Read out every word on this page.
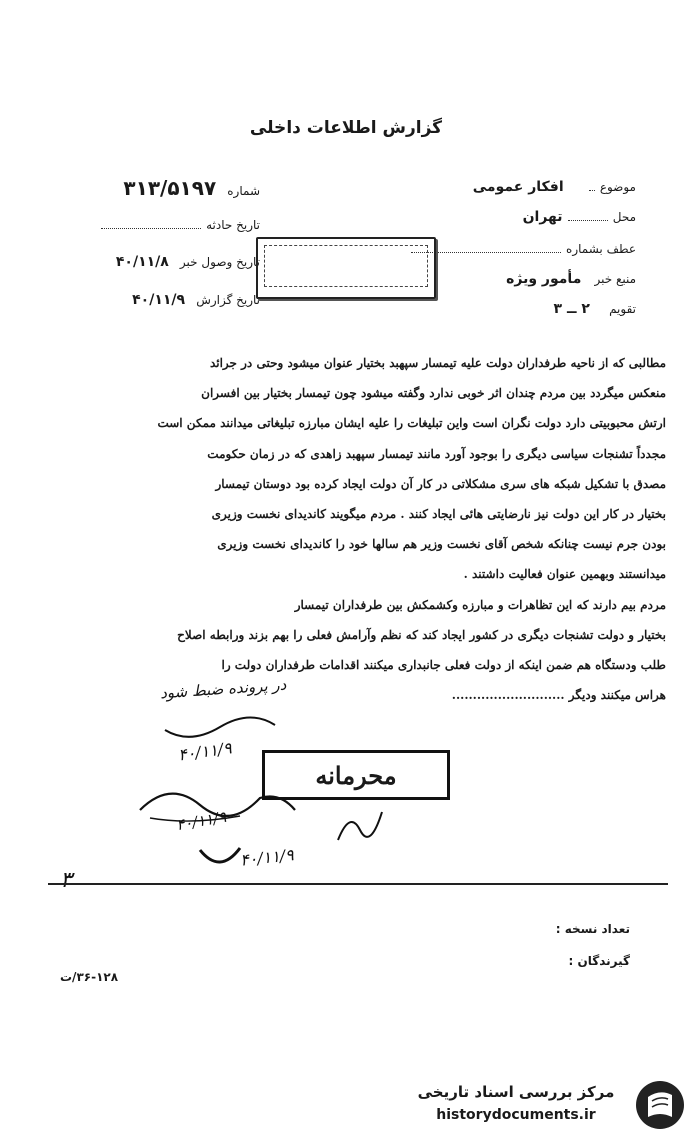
گزارش اطلاعات داخلی
موضوع  افکار عمومی
محل  تهران
عطف بشماره
منبع خبر مأمور ویژه
تقویم ۲ ــ ۳
شماره ۳۱۳/۵۱۹۷
تاریخ حادثه
تاریخ وصول خبر ۴۰/۱۱/۸
تاریخ گزارش ۴۰/۱۱/۹

مطالبی که از ناحیه طرفداران دولت علیه تیمسار سپهبد بختیار عنوان میشود وحتی در جرائد

منعکس میگردد بین مردم چندان اثر خوبی ندارد وگفته میشود چون تیمسار بختیار بین افسران

ارتش محبوبیتی دارد دولت نگران است واین تبلیغات را علیه ایشان مبارزه تبلیغاتی میدانند ممکن است

مجدداً تشنجات سیاسی دیگری را بوجود آورد مانند تیمسار سپهبد زاهدی که در زمان حکومت

مصدق با تشکیل شبکه های سری مشکلاتی در کار آن دولت ایجاد کرده بود دوستان تیمسار

بختیار در کار این دولت نیز نارضایتی هائی ایجاد کنند . مردم میگویند کاندیدای نخست وزیری

بودن جرم نیست چنانکه شخص آقای نخست وزیر هم سالها خود را کاندیدای نخست وزیری

میدانستند وبهمین عنوان فعالیت داشتند .

مردم بیم دارند که این تظاهرات و مبارزه وکشمکش بین طرفداران تیمسار

بختیار و دولت تشنجات دیگری در کشور ایجاد کند که نظم وآرامش فعلی را بهم بزند ورابطه اصلاح

طلب ودستگاه هم ضمن اینکه از دولت فعلی جانبداری میکنند اقدامات طرفداران دولت را

هراس میکنند ودیگر ...........................

در پرونده ضبط شود
۴۰/۱۱/۹
محرمانه
۴۰/۱۱/۹
۴۰/۱۱/۹
۳
تعداد نسخه :
گیرندگان :
۳۶-۱۲۸/ت
مرکز بررسی اسناد تاریخی
historydocuments.ir
